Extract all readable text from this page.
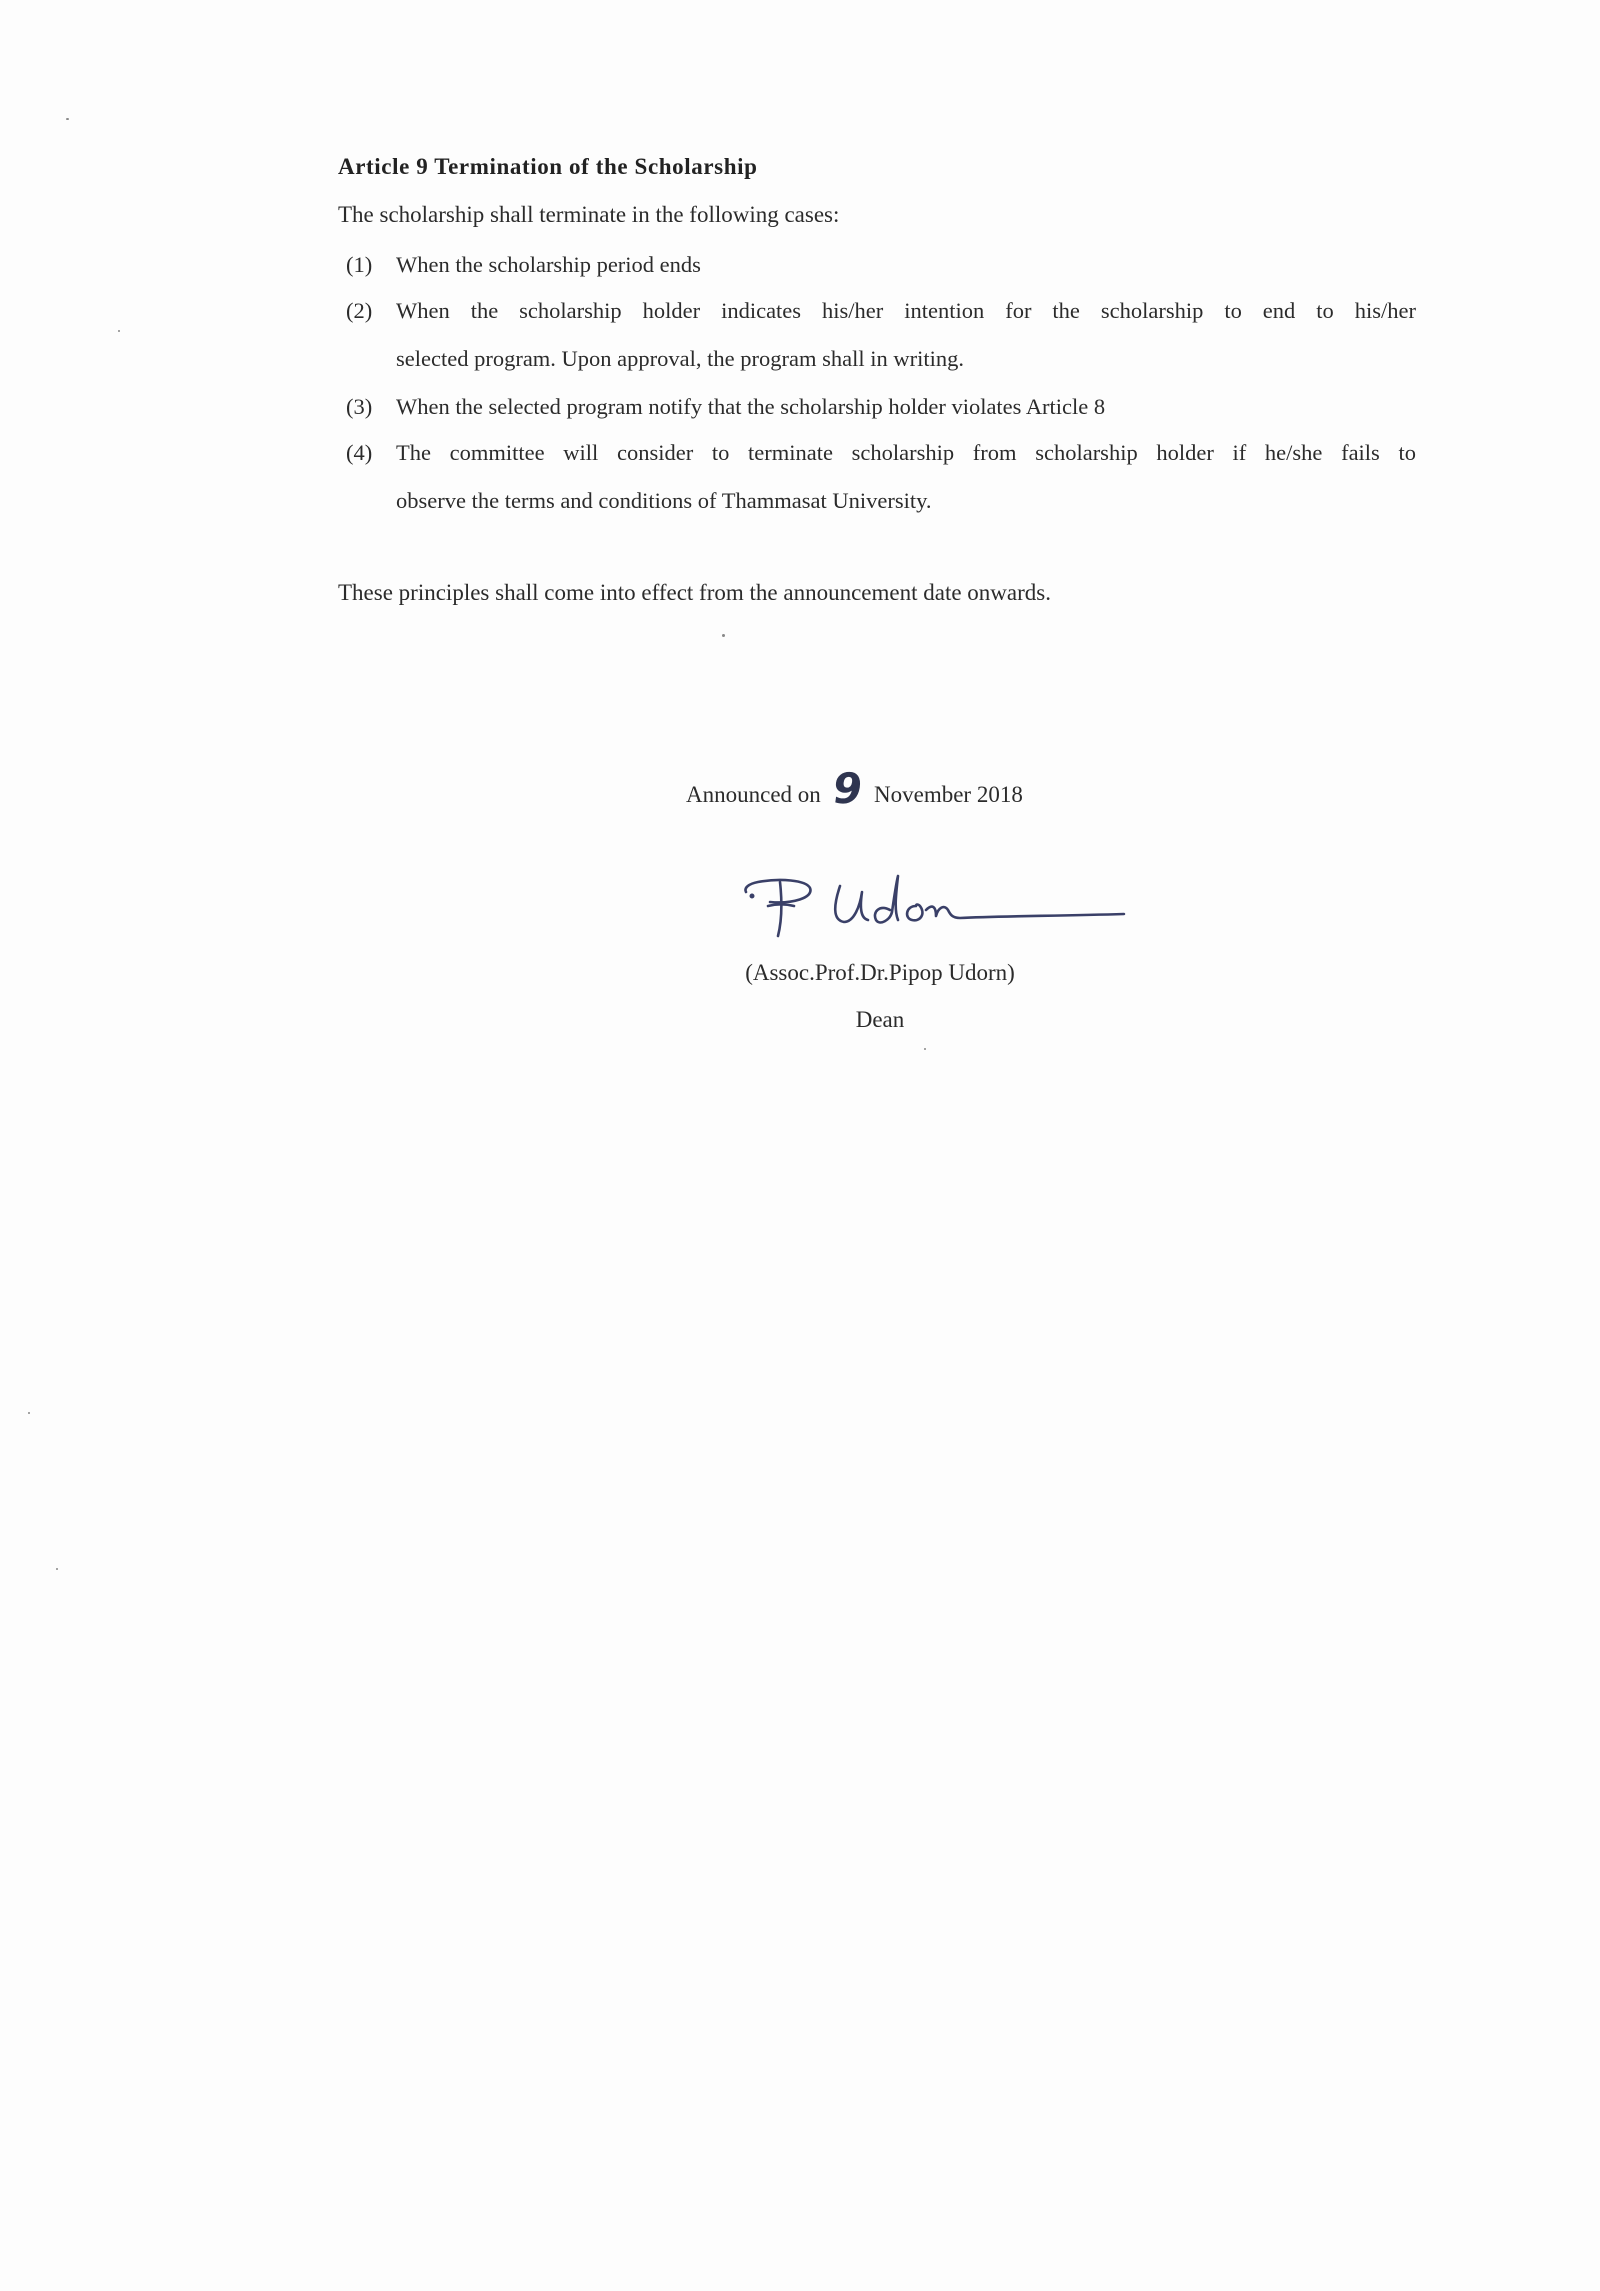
Article 9 Termination of the Scholarship
The scholarship shall terminate in the following cases:
(1) When the scholarship period ends
(2) When the scholarship holder indicates his/her intention for the scholarship to end to his/her
selected program. Upon approval, the program shall in writing.
(3) When the selected program notify that the scholarship holder violates Article 8
(4) The committee will consider to terminate scholarship from scholarship holder if he/she fails to
observe the terms and conditions of Thammasat University.
These principles shall come into effect from the announcement date onwards.
Announced on 9 November 2018
(Assoc.Prof.Dr.Pipop Udorn)
Dean
